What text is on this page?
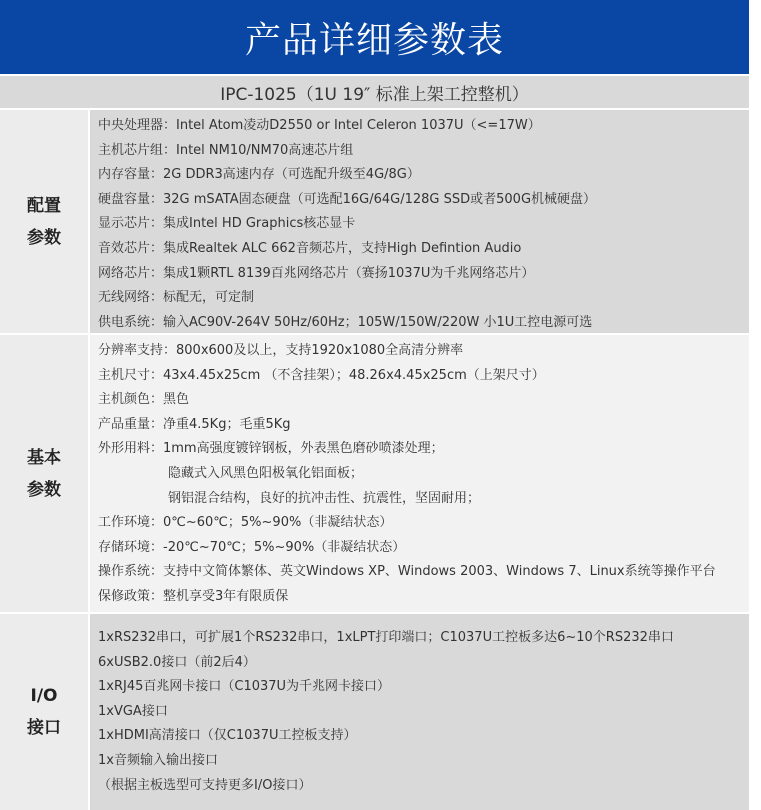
产品详细参数表
IPC-1025（1U 19″ 标准上架工控整机）
配置
参数
中央处理器：Intel Atom凌动D2550 or Intel Celeron 1037U（<=17W）
主机芯片组：Intel NM10/NM70高速芯片组
内存容量：2G DDR3高速内存（可选配升级至4G/8G）
硬盘容量：32G mSATA固态硬盘（可选配16G/64G/128G SSD或者500G机械硬盘）
显示芯片：集成Intel HD Graphics核芯显卡
音效芯片：集成Realtek ALC 662音频芯片，支持High Defintion Audio
网络芯片：集成1颗RTL 8139百兆网络芯片（赛扬1037U为千兆网络芯片）
无线网络：标配无，可定制
供电系统：输入AC90V-264V 50Hz/60Hz；105W/150W/220W 小1U工控电源可选
基本
参数
分辨率支持：800x600及以上，支持1920x1080全高清分辨率
主机尺寸：43x4.45x25cm （不含挂架）；48.26x4.45x25cm（上架尺寸）
主机颜色：黑色
产品重量：净重4.5Kg；毛重5Kg
外形用料：1mm高强度镀锌钢板，外表黑色磨砂喷漆处理；
隐藏式入风黑色阳极氧化铝面板；
钢铝混合结构，良好的抗冲击性、抗震性，坚固耐用；
工作环境：0℃~60℃；5%~90%（非凝结状态）
存储环境：-20℃~70℃；5%~90%（非凝结状态）
操作系统：支持中文简体繁体、英文Windows XP、Windows 2003、Windows 7、Linux系统等操作平台
保修政策：整机享受3年有限质保
I/O
接口
1xRS232串口，可扩展1个RS232串口，1xLPT打印端口；C1037U工控板多达6~10个RS232串口
6xUSB2.0接口（前2后4）
1xRJ45百兆网卡接口（C1037U为千兆网卡接口）
1xVGA接口
1xHDMI高清接口（仅C1037U工控板支持）
1x音频输入输出接口
（根据主板选型可支持更多I/O接口）
